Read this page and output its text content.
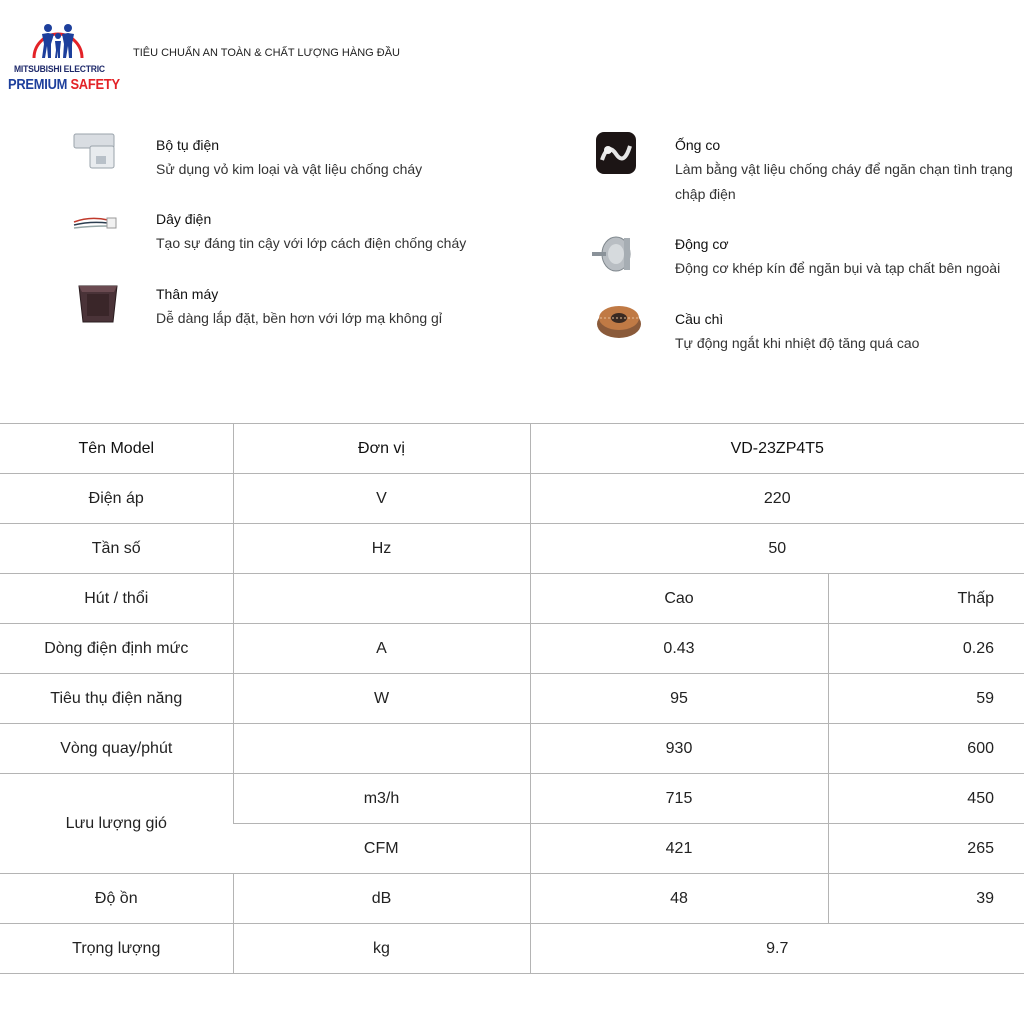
MITSUBISHI ELECTRIC
PREMIUM SAFETY
TIÊU CHUẨN AN TOÀN & CHẤT LƯỢNG HÀNG ĐẦU
Bộ tụ điện
Sử dụng vỏ kim loại và vật liệu chống cháy
Dây điện
Tạo sự đáng tin cậy với lớp cách điện chống cháy
Thân máy
Dễ dàng lắp đặt, bền hơn với lớp mạ không gỉ
Ống co
Làm bằng vật liệu chống cháy để ngăn chạn tình trạng chập điện
Động cơ
Động cơ khép kín để ngăn bụi và tạp chất bên ngoài
Cầu chì
Tự động ngắt khi nhiệt độ tăng quá cao
Tên Model	Đơn vị	VD-23ZP4T5	
Điện áp	V	220	
Tần số	Hz	50	
Hút / thổi		Cao	Thấp
Dòng điện định mức	A	0.43	0.26
Tiêu thụ điện năng	W	95	59
Vòng quay/phút		930	600
Lưu lượng gió	m3/h	715	450
	CFM	421	265
Độ ồn	dB	48	39
Trọng lượng	kg	9.7	
